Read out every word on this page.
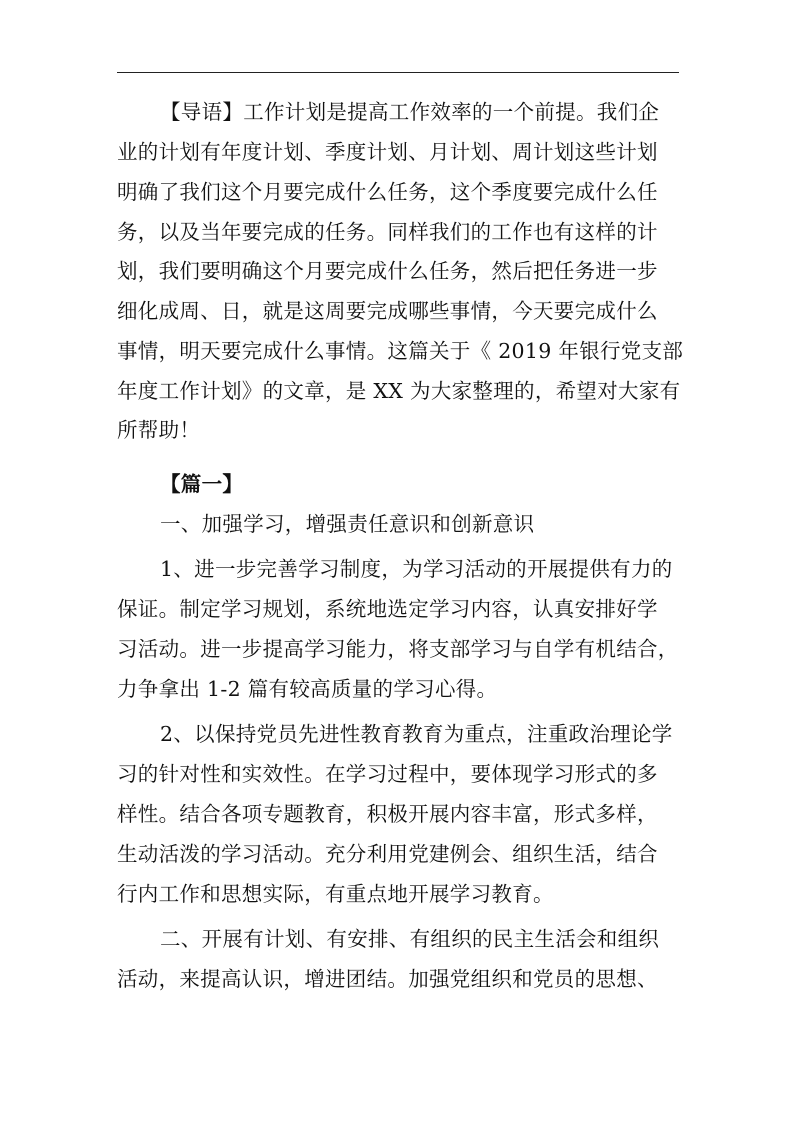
【导语】工作计划是提高工作效率的一个前提。我们企
业的计划有年度计划、季度计划、月计划、周计划这些计划
明确了我们这个月要完成什么任务，这个季度要完成什么任
务，以及当年要完成的任务。同样我们的工作也有这样的计
划，我们要明确这个月要完成什么任务，然后把任务进一步
细化成周、日，就是这周要完成哪些事情，今天要完成什么
事情，明天要完成什么事情。这篇关于《 2019 年银行党支部
年度工作计划》的文章，是 XX 为大家整理的，希望对大家有
所帮助！
【篇一】
一、加强学习，增强责任意识和创新意识
1、进一步完善学习制度，为学习活动的开展提供有力的
保证。制定学习规划，系统地选定学习内容，认真安排好学
习活动。进一步提高学习能力，将支部学习与自学有机结合，
力争拿出 1-2 篇有较高质量的学习心得。
2、以保持党员先进性教育教育为重点，注重政治理论学
习的针对性和实效性。在学习过程中，要体现学习形式的多
样性。结合各项专题教育，积极开展内容丰富，形式多样，
生动活泼的学习活动。充分利用党建例会、组织生活，结合
行内工作和思想实际，有重点地开展学习教育。
二、开展有计划、有安排、有组织的民主生活会和组织
活动，来提高认识，增进团结。加强党组织和党员的思想、
